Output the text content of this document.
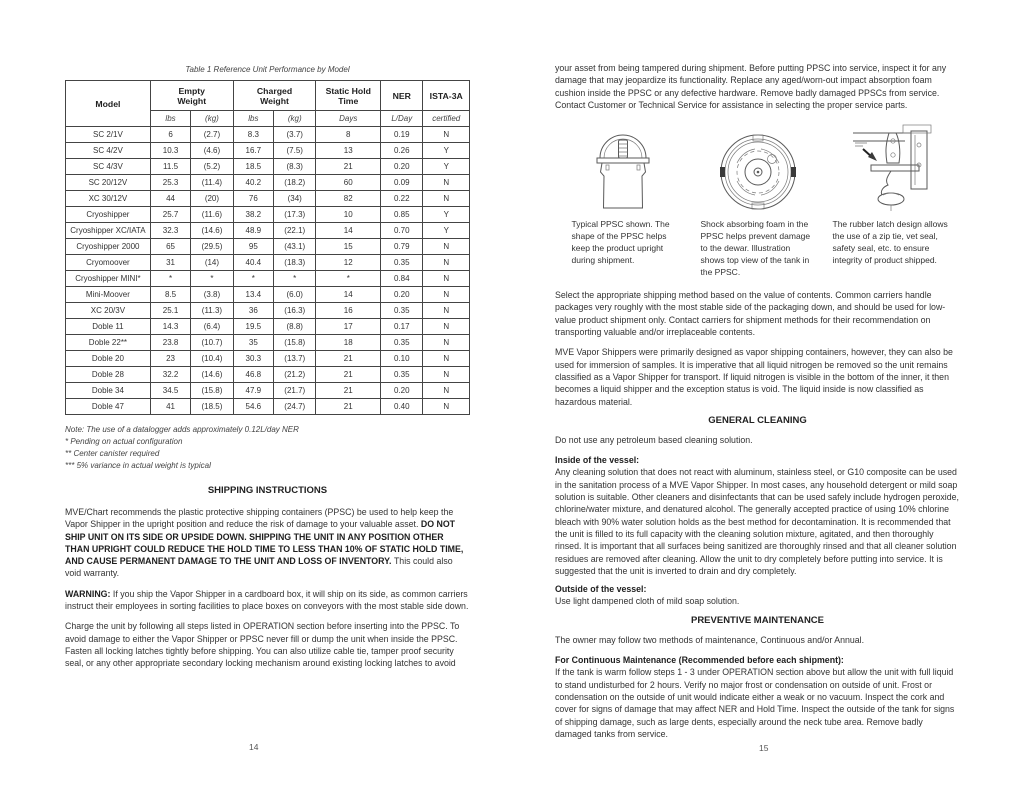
Table 1 Reference Unit Performance by Model
Model	Empty Weight		Charged Weight		Static Hold Time	NER	ISTA-3A
	lbs	(kg)	lbs	(kg)	Days	L/Day	certified
SC 2/1V	6	(2.7)	8.3	(3.7)	8	0.19	N
SC 4/2V	10.3	(4.6)	16.7	(7.5)	13	0.26	Y
SC 4/3V	11.5	(5.2)	18.5	(8.3)	21	0.20	Y
SC 20/12V	25.3	(11.4)	40.2	(18.2)	60	0.09	N
XC 30/12V	44	(20)	76	(34)	82	0.22	N
Cryoshipper	25.7	(11.6)	38.2	(17.3)	10	0.85	Y
Cryoshipper XC/IATA	32.3	(14.6)	48.9	(22.1)	14	0.70	Y
Cryoshipper 2000	65	(29.5)	95	(43.1)	15	0.79	N
Cryomoover	31	(14)	40.4	(18.3)	12	0.35	N
Cryoshipper MINI*	*	*	*	*	*	0.84	N
Mini-Moover	8.5	(3.8)	13.4	(6.0)	14	0.20	N
XC 20/3V	25.1	(11.3)	36	(16.3)	16	0.35	N
Doble 11	14.3	(6.4)	19.5	(8.8)	17	0.17	N
Doble 22**	23.8	(10.7)	35	(15.8)	18	0.35	N
Doble 20	23	(10.4)	30.3	(13.7)	21	0.10	N
Doble 28	32.2	(14.6)	46.8	(21.2)	21	0.35	N
Doble 34	34.5	(15.8)	47.9	(21.7)	21	0.20	N
Doble 47	41	(18.5)	54.6	(24.7)	21	0.40	N
Note: The use of a datalogger adds approximately 0.12L/day NER
* Pending on actual configuration
** Center canister required
*** 5% variance in actual weight is typical
SHIPPING INSTRUCTIONS

MVE/Chart recommends the plastic protective shipping containers (PPSC) be used to help keep the Vapor Shipper in the upright position and reduce the risk of damage to your valuable asset. DO NOT SHIP UNIT ON ITS SIDE OR UPSIDE DOWN. SHIPPING THE UNIT IN ANY POSITION OTHER THAN UPRIGHT COULD REDUCE THE HOLD TIME TO LESS THAN 10% OF STATIC HOLD TIME, AND CAUSE PERMANENT DAMAGE TO THE UNIT AND LOSS OF INVENTORY. This could also void warranty.

WARNING: If you ship the Vapor Shipper in a cardboard box, it will ship on its side, as common carriers instruct their employees in sorting facilities to place boxes on conveyors with the most stable side down.

Charge the unit by following all steps listed in OPERATION section before inserting into the PPSC. To avoid damage to either the Vapor Shipper or PPSC never fill or dump the unit when inside the PPSC. Fasten all locking latches tightly before shipping. You can also utilize cable tie, tamper proof security seal, or any other appropriate secondary locking mechanism around existing locking latches to avoid

your asset from being tampered during shipment. Before putting PPSC into service, inspect it for any damage that may jeopardize its functionality. Replace any aged/worn-out impact absorption foam cushion inside the PPSC or any defective hardware. Remove badly damaged PPSCs from service. Contact Customer or Technical Service for assistance in selecting the proper service parts.

Typical PPSC shown. The shape of the PPSC helps keep the product upright during shipment.
Shock absorbing foam in the PPSC helps prevent damage to the dewar. Illustration shows top view of the tank in the PPSC.
The rubber latch design allows the use of a zip tie, vet seal, safety seal, etc. to ensure integrity of product shipped.

Select the appropriate shipping method based on the value of contents. Common carriers handle packages very roughly with the most stable side of the packaging down, and should be used for low-value product shipment only. Contact carriers for shipment methods for their recommendation on transporting valuable and/or irreplaceable contents.

MVE Vapor Shippers were primarily designed as vapor shipping containers, however, they can also be used for immersion of samples. It is imperative that all liquid nitrogen be removed so the unit remains classified as a Vapor Shipper for transport. If liquid nitrogen is visible in the bottom of the inner, it then becomes a liquid shipper and the exception status is void. The liquid inside is now classified as hazardous material.

GENERAL CLEANING

Do not use any petroleum based cleaning solution.

Inside of the vessel:
Any cleaning solution that does not react with aluminum, stainless steel, or G10 composite can be used in the sanitation process of a MVE Vapor Shipper. In most cases, any household detergent or mild soap solution is suitable. Other cleaners and disinfectants that can be used safely include hydrogen peroxide, chlorine/water mixture, and denatured alcohol. The generally accepted practice of using 10% chlorine bleach with 90% water solution holds as the best method for decontamination. It is recommended that the unit is filled to its full capacity with the cleaning solution mixture, agitated, and then thoroughly rinsed. It is important that all surfaces being sanitized are thoroughly rinsed and that all cleaner solution residues are removed after cleaning. Allow the unit to dry completely before putting into service. It is suggested that the unit is inverted to drain and dry completely.

Outside of the vessel:
Use light dampened cloth of mild soap solution.

PREVENTIVE MAINTENANCE

The owner may follow two methods of maintenance, Continuous and/or Annual.

For Continuous Maintenance (Recommended before each shipment):
If the tank is warm follow steps 1 - 3 under OPERATION section above but allow the unit with full liquid to stand undisturbed for 2 hours. Verify no major frost or condensation on outside of unit. Frost or condensation on the outside of unit would indicate either a weak or no vacuum. Inspect the cork and cover for signs of damage that may affect NER and Hold Time. Inspect the outside of the tank for signs of shipping damage, such as large dents, especially around the neck tube area. Remove badly damaged tanks from service.

14	15
